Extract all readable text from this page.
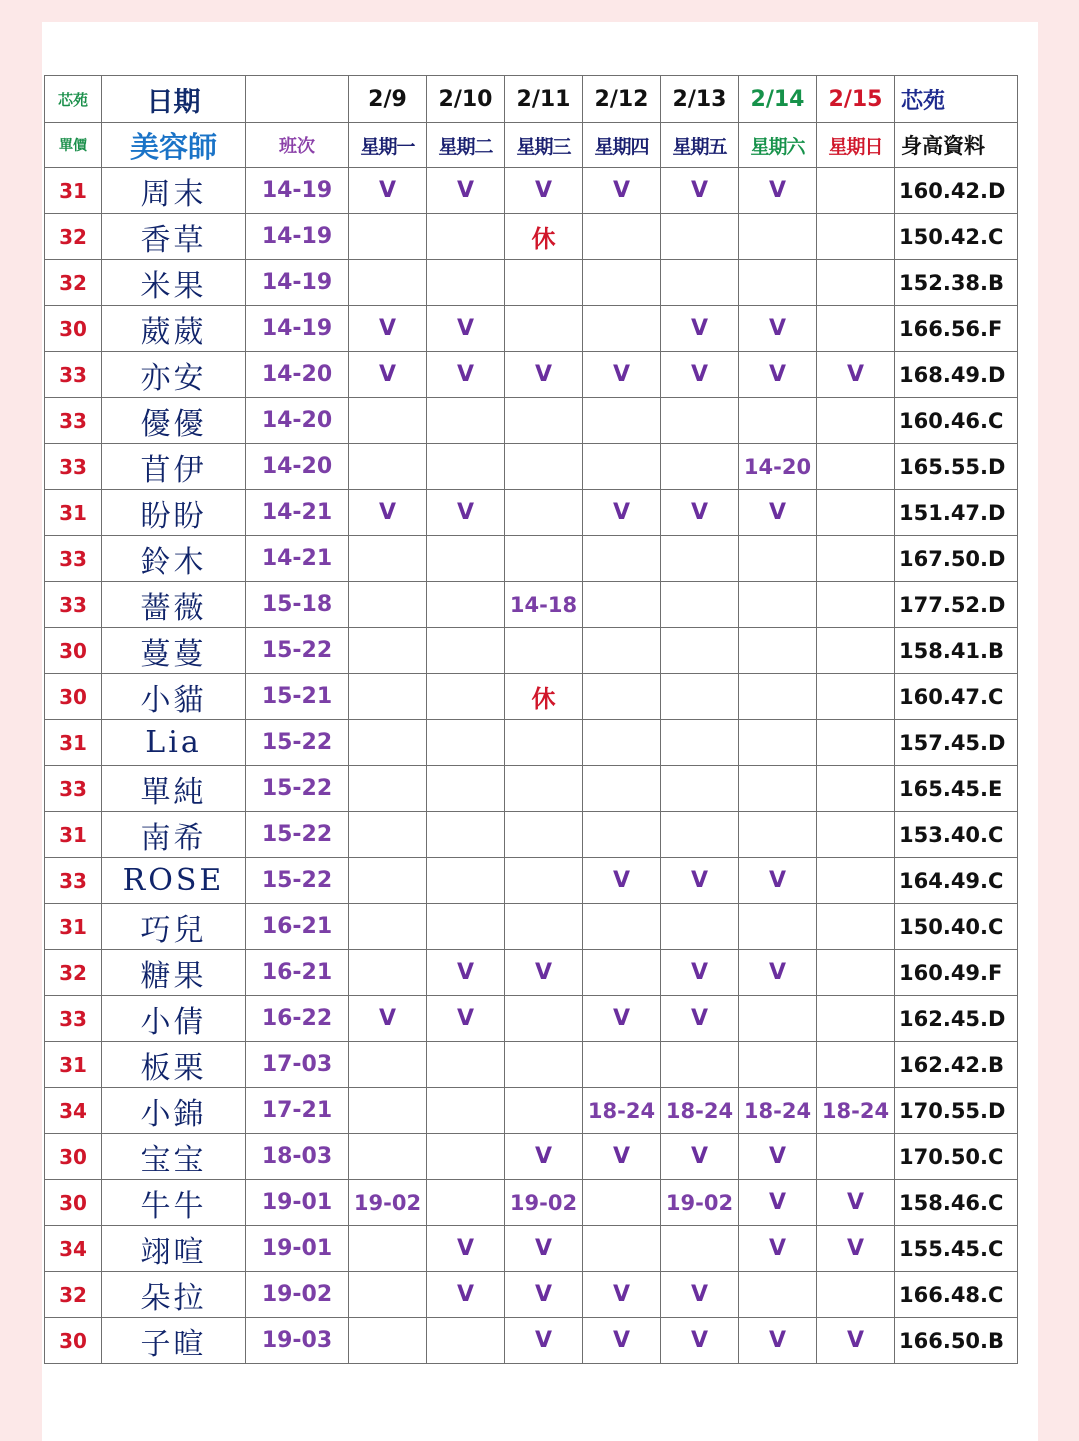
芯苑	日期		2/9	2/10	2/11	2/12	2/13	2/14	2/15	芯苑
單價	美容師	班次	星期一	星期二	星期三	星期四	星期五	星期六	星期日	身高資料
31	周末	14-19	V	V	V	V	V	V		160.42.D
32	香草	14-19			休					150.42.C
32	米果	14-19								152.38.B
30	葳葳	14-19	V	V			V	V		166.56.F
33	亦安	14-20	V	V	V	V	V	V	V	168.49.D
33	優優	14-20								160.46.C
33	苜伊	14-20						14-20		165.55.D
31	盼盼	14-21	V	V		V	V	V		151.47.D
33	鈴木	14-21								167.50.D
33	薔薇	15-18			14-18					177.52.D
30	蔓蔓	15-22								158.41.B
30	小貓	15-21			休					160.47.C
31	Lia	15-22								157.45.D
33	單純	15-22								165.45.E
31	南希	15-22								153.40.C
33	ROSE	15-22				V	V	V		164.49.C
31	巧兒	16-21								150.40.C
32	糖果	16-21		V	V		V	V		160.49.F
33	小倩	16-22	V	V		V	V			162.45.D
31	板栗	17-03								162.42.B
34	小錦	17-21				18-24	18-24	18-24	18-24	170.55.D
30	宝宝	18-03			V	V	V	V		170.50.C
30	牛牛	19-01	19-02		19-02		19-02	V	V	158.46.C
34	翊喧	19-01		V	V			V	V	155.45.C
32	朵拉	19-02		V	V	V	V			166.48.C
30	子暄	19-03			V	V	V	V	V	166.50.B
